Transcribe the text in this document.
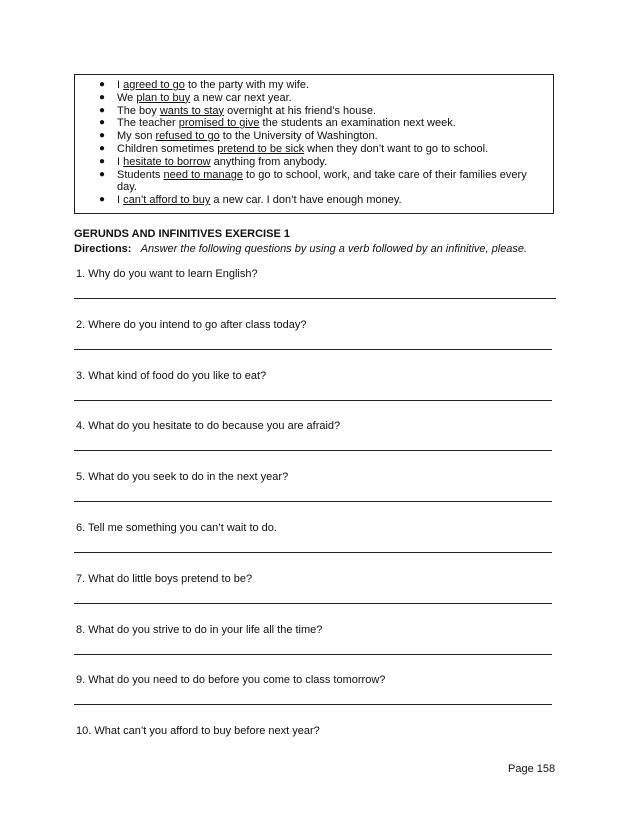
● I agreed to go to the party with my wife.
● We plan to buy a new car next year.
● The boy wants to stay overnight at his friend’s house.
● The teacher promised to give the students an examination next week.
● My son refused to go to the University of Washington.
● Children sometimes pretend to be sick when they don’t want to go to school.
● I hesitate to borrow anything from anybody.
● Students need to manage to go to school, work, and take care of their families every day.
● I can’t afford to buy a new car. I don’t have enough money.
GERUNDS AND INFINITIVES EXERCISE 1
Directions: Answer the following questions by using a verb followed by an infinitive, please.
1. Why do you want to learn English?
2. Where do you intend to go after class today?
3. What kind of food do you like to eat?
4. What do you hesitate to do because you are afraid?
5. What do you seek to do in the next year?
6. Tell me something you can’t wait to do.
7. What do little boys pretend to be?
8. What do you strive to do in your life all the time?
9. What do you need to do before you come to class tomorrow?
10. What can’t you afford to buy before next year?
Page 158
